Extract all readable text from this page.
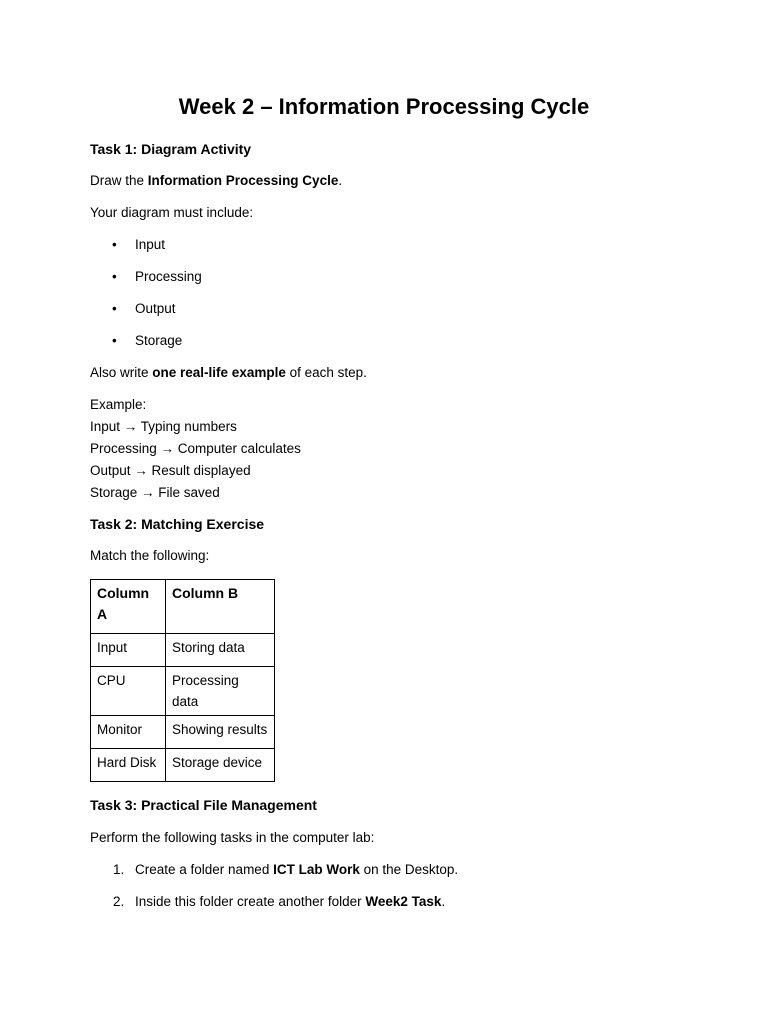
Week 2 – Information Processing Cycle
Task 1: Diagram Activity
Draw the Information Processing Cycle.
Your diagram must include:
• Input
• Processing
• Output
• Storage
Also write one real-life example of each step.
Example:
Input → Typing numbers
Processing → Computer calculates
Output → Result displayed
Storage → File saved
Task 2: Matching Exercise
Match the following:
Column A	Column B
Input	Storing data
CPU	Processing data
Monitor	Showing results
Hard Disk	Storage device
Task 3: Practical File Management
Perform the following tasks in the computer lab:
1. Create a folder named ICT Lab Work on the Desktop.
2. Inside this folder create another folder Week2 Task.
